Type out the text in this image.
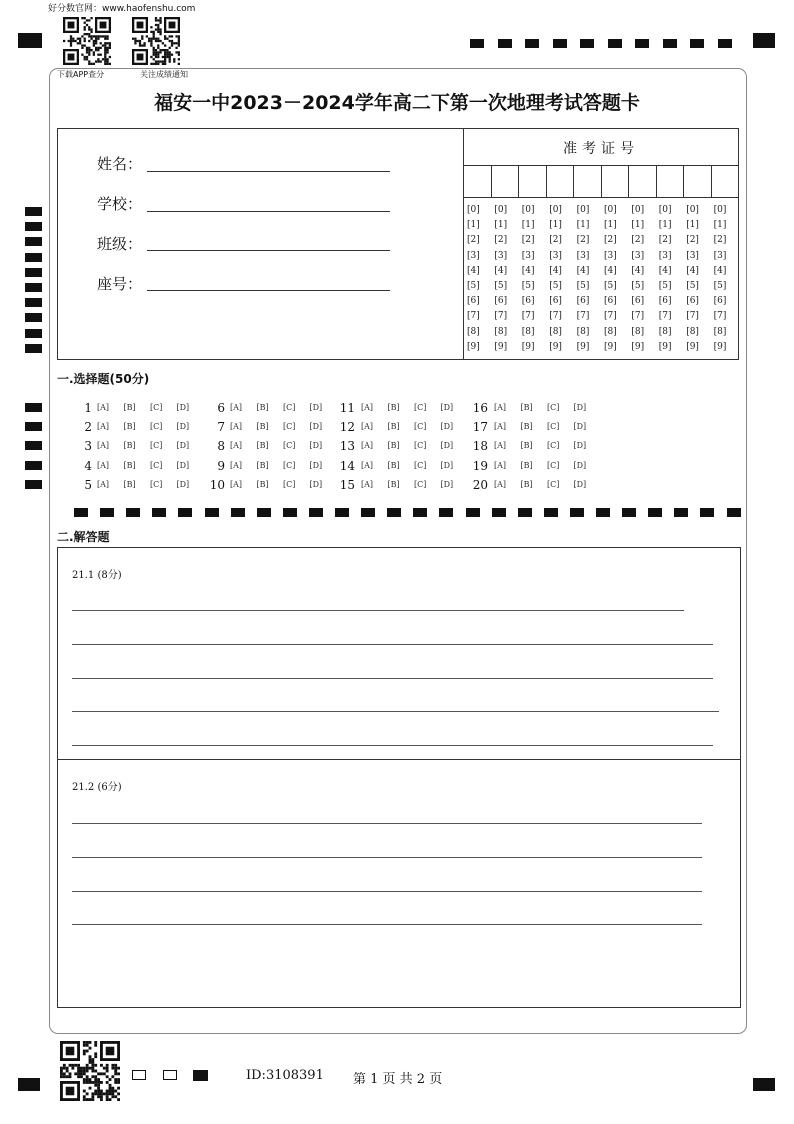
好分数官网：www.haofenshu.com
下载APP查分	关注成绩通知
福安一中2023－2024学年高二下第一次地理考试答题卡
姓名：
学校：
班级：
座号：
准考证号
[0]
[1]
[2]
[3]
[4]
[5]
[6]
[7]
[8]
[9]
[0]
[1]
[2]
[3]
[4]
[5]
[6]
[7]
[8]
[9]
[0]
[1]
[2]
[3]
[4]
[5]
[6]
[7]
[8]
[9]
[0]
[1]
[2]
[3]
[4]
[5]
[6]
[7]
[8]
[9]
[0]
[1]
[2]
[3]
[4]
[5]
[6]
[7]
[8]
[9]
[0]
[1]
[2]
[3]
[4]
[5]
[6]
[7]
[8]
[9]
[0]
[1]
[2]
[3]
[4]
[5]
[6]
[7]
[8]
[9]
[0]
[1]
[2]
[3]
[4]
[5]
[6]
[7]
[8]
[9]
[0]
[1]
[2]
[3]
[4]
[5]
[6]
[7]
[8]
[9]
[0]
[1]
[2]
[3]
[4]
[5]
[6]
[7]
[8]
[9]
一.选择题(50分)
1 [A] [B] [C] [D]
2 [A] [B] [C] [D]
3 [A] [B] [C] [D]
4 [A] [B] [C] [D]
5 [A] [B] [C] [D]
6 [A] [B] [C] [D]
7 [A] [B] [C] [D]
8 [A] [B] [C] [D]
9 [A] [B] [C] [D]
10 [A] [B] [C] [D]
11 [A] [B] [C] [D]
12 [A] [B] [C] [D]
13 [A] [B] [C] [D]
14 [A] [B] [C] [D]
15 [A] [B] [C] [D]
16 [A] [B] [C] [D]
17 [A] [B] [C] [D]
18 [A] [B] [C] [D]
19 [A] [B] [C] [D]
20 [A] [B] [C] [D]
二.解答题
21.1 (8分)
21.2 (6分)
ID:3108391 第 1 页 共 2 页
